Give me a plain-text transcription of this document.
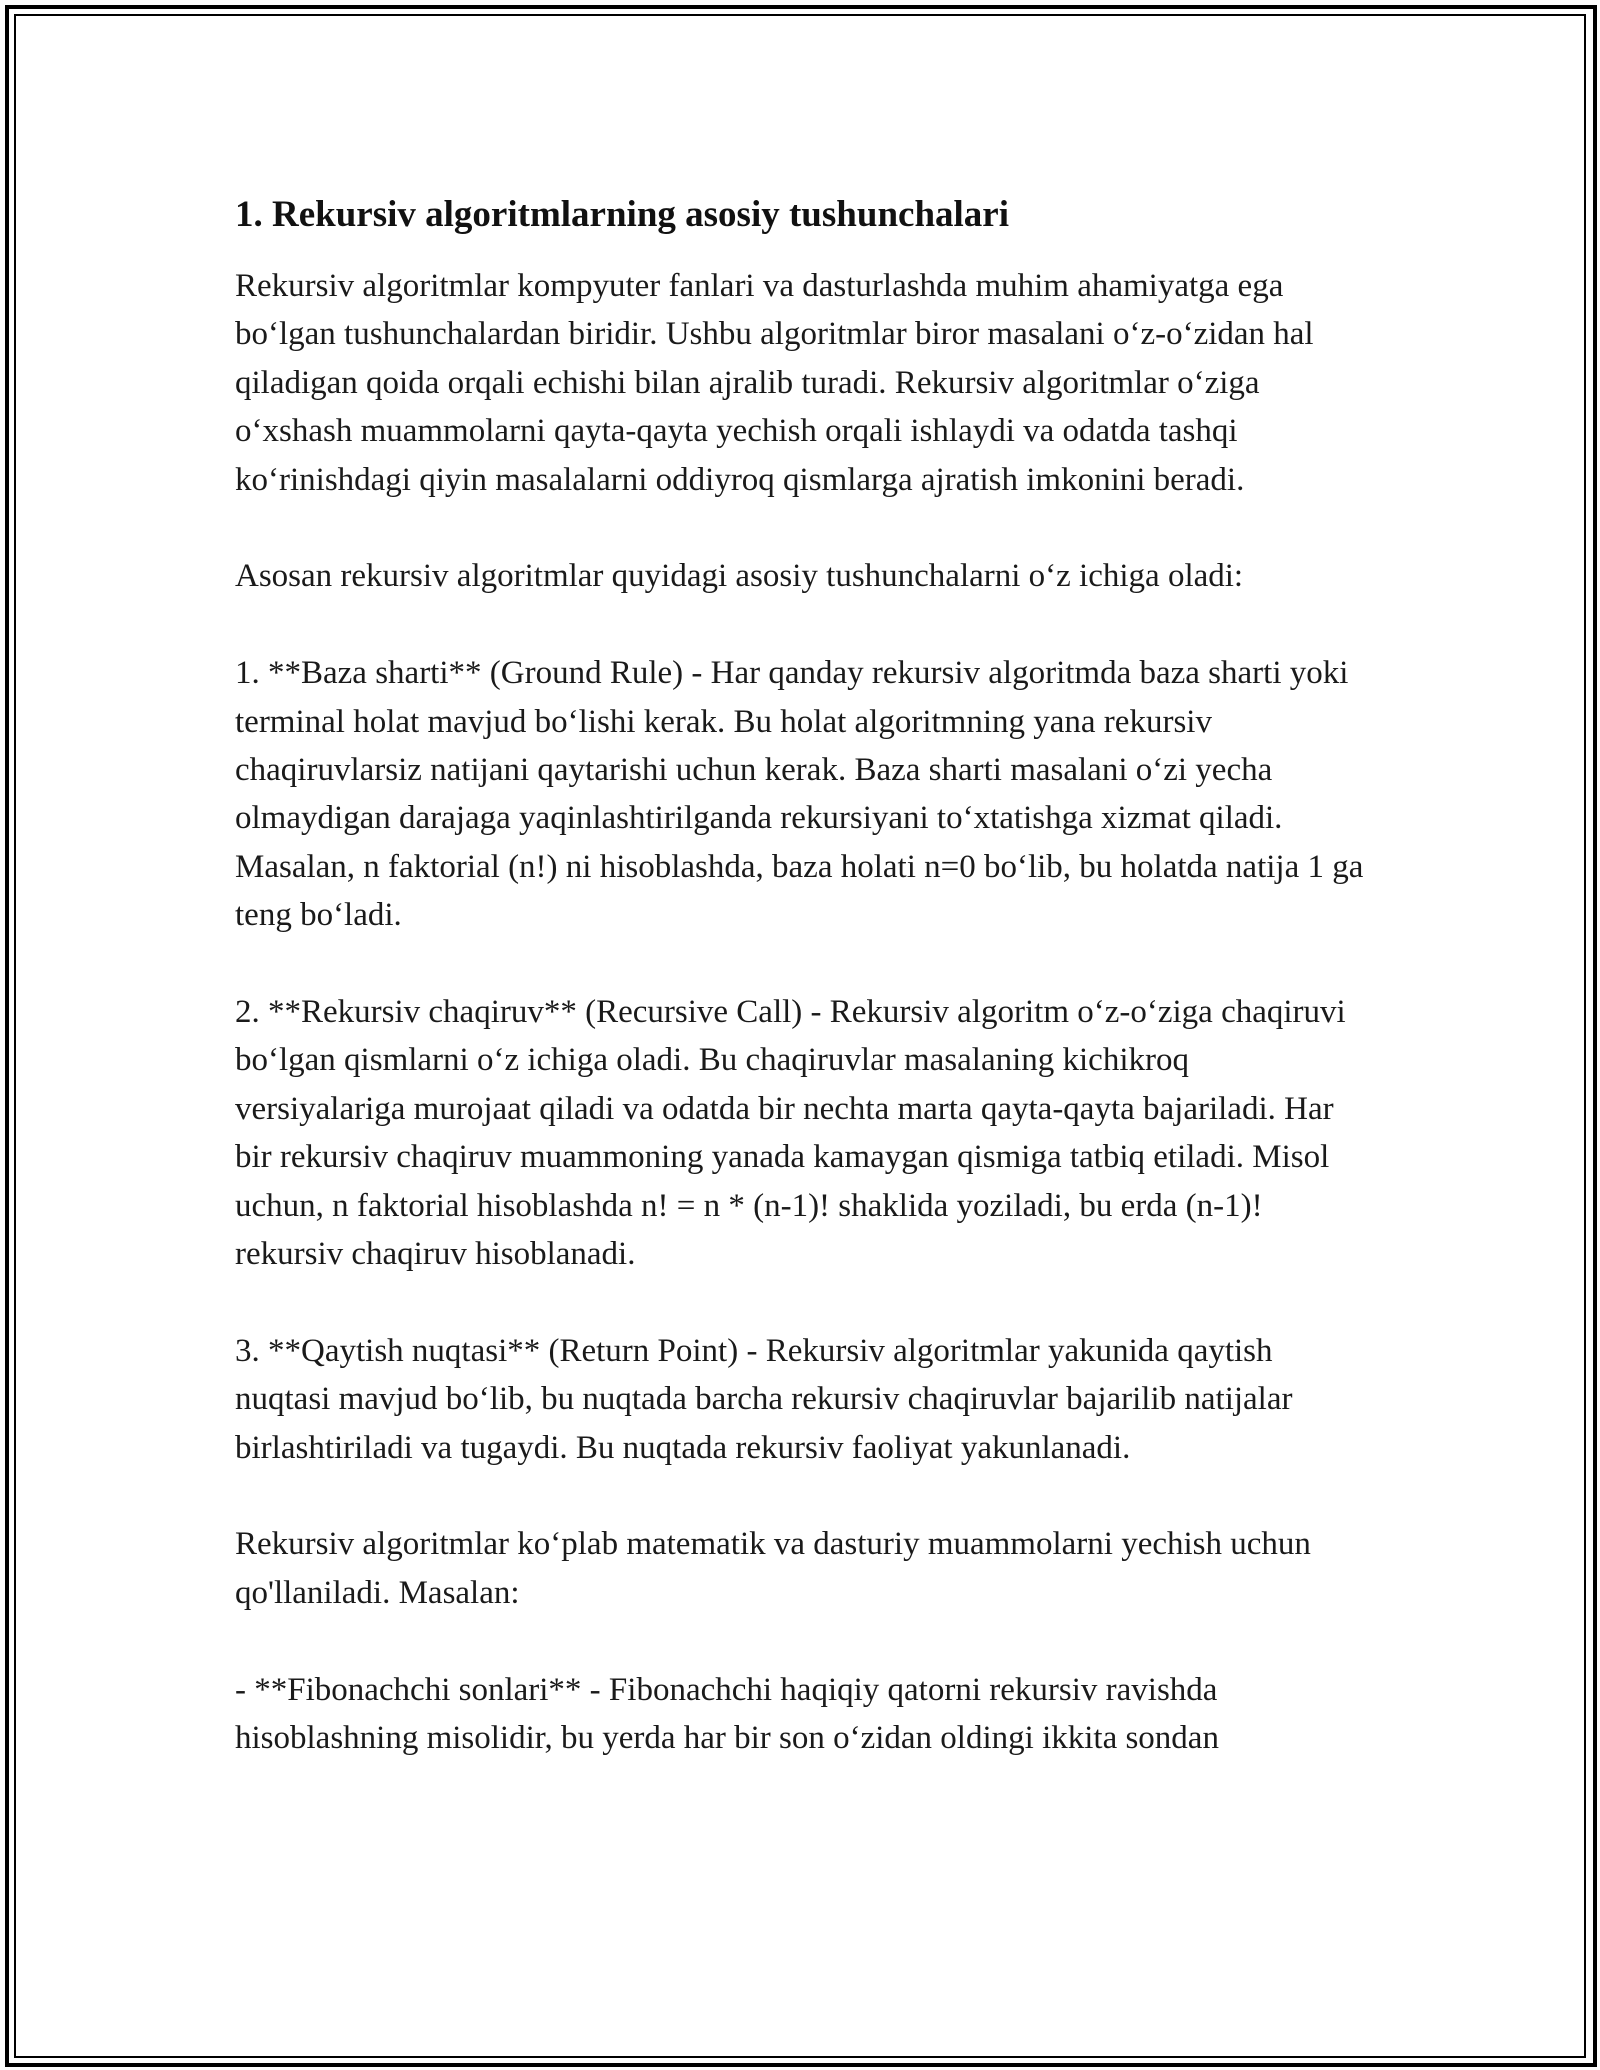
1. Rekursiv algoritmlarning asosiy tushunchalari

Rekursiv algoritmlar kompyuter fanlari va dasturlashda muhim ahamiyatga ega bo‘lgan tushunchalardan biridir. Ushbu algoritmlar biror masalani o‘z-o‘zidan hal qiladigan qoida orqali echishi bilan ajralib turadi. Rekursiv algoritmlar o‘ziga o‘xshash muammolarni qayta-qayta yechish orqali ishlaydi va odatda tashqi ko‘rinishdagi qiyin masalalarni oddiyroq qismlarga ajratish imkonini beradi.

Asosan rekursiv algoritmlar quyidagi asosiy tushunchalarni o‘z ichiga oladi:

1. **Baza sharti** (Ground Rule) - Har qanday rekursiv algoritmda baza sharti yoki terminal holat mavjud bo‘lishi kerak. Bu holat algoritmning yana rekursiv chaqiruvlarsiz natijani qaytarishi uchun kerak. Baza sharti masalani o‘zi yecha olmaydigan darajaga yaqinlashtirilganda rekursiyani to‘xtatishga xizmat qiladi. Masalan, n faktorial (n!) ni hisoblashda, baza holati n=0 bo‘lib, bu holatda natija 1 ga teng bo‘ladi.

2. **Rekursiv chaqiruv** (Recursive Call) - Rekursiv algoritm o‘z-o‘ziga chaqiruvi bo‘lgan qismlarni o‘z ichiga oladi. Bu chaqiruvlar masalaning kichikroq versiyalariga murojaat qiladi va odatda bir nechta marta qayta-qayta bajariladi. Har bir rekursiv chaqiruv muammoning yanada kamaygan qismiga tatbiq etiladi. Misol uchun, n faktorial hisoblashda n! = n * (n-1)! shaklida yoziladi, bu erda (n-1)! rekursiv chaqiruv hisoblanadi.

3. **Qaytish nuqtasi** (Return Point) - Rekursiv algoritmlar yakunida qaytish nuqtasi mavjud bo‘lib, bu nuqtada barcha rekursiv chaqiruvlar bajarilib natijalar birlashtiriladi va tugaydi. Bu nuqtada rekursiv faoliyat yakunlanadi.

Rekursiv algoritmlar ko‘plab matematik va dasturiy muammolarni yechish uchun qo'llaniladi. Masalan:

- **Fibonachchi sonlari** - Fibonachchi haqiqiy qatorni rekursiv ravishda hisoblashning misolidir, bu yerda har bir son o‘zidan oldingi ikkita sondan
